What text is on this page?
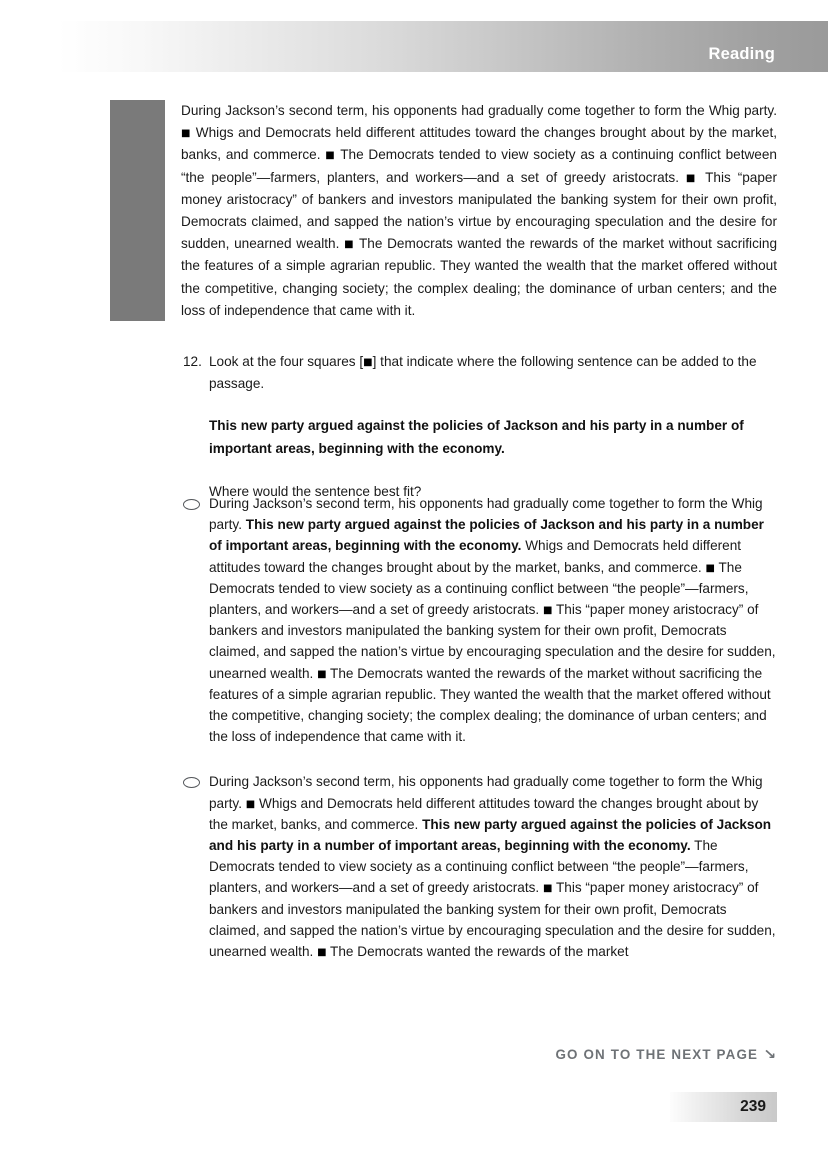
Reading
During Jackson’s second term, his opponents had gradually come together to form the Whig party. ■ Whigs and Democrats held different attitudes toward the changes brought about by the market, banks, and commerce. ■ The Democrats tended to view society as a continuing conflict between “the people”—farmers, planters, and workers—and a set of greedy aristocrats. ■ This “paper money aristocracy” of bankers and investors manipulated the banking system for their own profit, Democrats claimed, and sapped the nation’s virtue by encouraging speculation and the desire for sudden, unearned wealth. ■ The Democrats wanted the rewards of the market without sacrificing the features of a simple agrarian republic. They wanted the wealth that the market offered without the competitive, changing society; the complex dealing; the dominance of urban centers; and the loss of independence that came with it.
12. Look at the four squares [■] that indicate where the following sentence can be added to the passage.
This new party argued against the policies of Jackson and his party in a number of important areas, beginning with the economy.
Where would the sentence best fit?
During Jackson’s second term, his opponents had gradually come together to form the Whig party. This new party argued against the policies of Jackson and his party in a number of important areas, beginning with the economy. Whigs and Democrats held different attitudes toward the changes brought about by the market, banks, and commerce. ■ The Democrats tended to view society as a continuing conflict between “the people”—farmers, planters, and workers—and a set of greedy aristocrats. ■ This “paper money aristocracy” of bankers and investors manipulated the banking system for their own profit, Democrats claimed, and sapped the nation’s virtue by encouraging speculation and the desire for sudden, unearned wealth. ■ The Democrats wanted the rewards of the market without sacrificing the features of a simple agrarian republic. They wanted the wealth that the market offered without the competitive, changing society; the complex dealing; the dominance of urban centers; and the loss of independence that came with it.
During Jackson’s second term, his opponents had gradually come together to form the Whig party. ■ Whigs and Democrats held different attitudes toward the changes brought about by the market, banks, and commerce. This new party argued against the policies of Jackson and his party in a number of important areas, beginning with the economy. The Democrats tended to view society as a continuing conflict between “the people”—farmers, planters, and workers—and a set of greedy aristocrats. ■ This “paper money aristocracy” of bankers and investors manipulated the banking system for their own profit, Democrats claimed, and sapped the nation’s virtue by encouraging speculation and the desire for sudden, unearned wealth. ■ The Democrats wanted the rewards of the market
GO ON TO THE NEXT PAGE ↘
239
